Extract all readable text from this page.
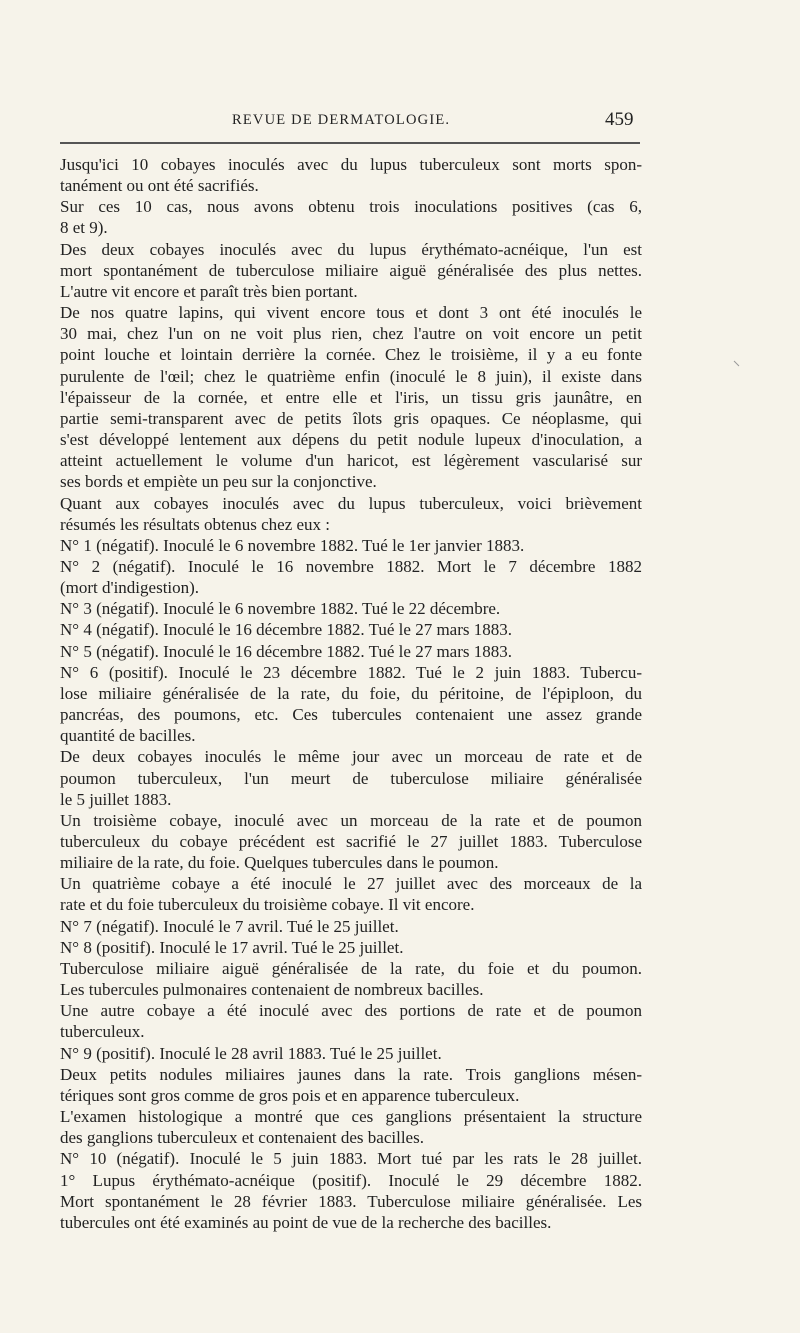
REVUE DE DERMATOLOGIE.	459
Jusqu'ici 10 cobayes inoculés avec du lupus tuberculeux sont morts spon-
tanément ou ont été sacrifiés.
Sur ces 10 cas, nous avons obtenu trois inoculations positives (cas 6,
8 et 9).
Des deux cobayes inoculés avec du lupus érythémato-acnéique, l'un est
mort spontanément de tuberculose miliaire aiguë généralisée des plus nettes.
L'autre vit encore et paraît très bien portant.
De nos quatre lapins, qui vivent encore tous et dont 3 ont été inoculés le
30 mai, chez l'un on ne voit plus rien, chez l'autre on voit encore un petit
point louche et lointain derrière la cornée. Chez le troisième, il y a eu fonte
purulente de l'œil; chez le quatrième enfin (inoculé le 8 juin), il existe dans
l'épaisseur de la cornée, et entre elle et l'iris, un tissu gris jaunâtre, en
partie semi-transparent avec de petits îlots gris opaques. Ce néoplasme, qui
s'est développé lentement aux dépens du petit nodule lupeux d'inoculation, a
atteint actuellement le volume d'un haricot, est légèrement vascularisé sur
ses bords et empiète un peu sur la conjonctive.
Quant aux cobayes inoculés avec du lupus tuberculeux, voici brièvement
résumés les résultats obtenus chez eux :
N° 1 (négatif). Inoculé le 6 novembre 1882. Tué le 1er janvier 1883.
N° 2 (négatif). Inoculé le 16 novembre 1882. Mort le 7 décembre 1882
(mort d'indigestion).
N° 3 (négatif). Inoculé le 6 novembre 1882. Tué le 22 décembre.
N° 4 (négatif). Inoculé le 16 décembre 1882. Tué le 27 mars 1883.
N° 5 (négatif). Inoculé le 16 décembre 1882. Tué le 27 mars 1883.
N° 6 (positif). Inoculé le 23 décembre 1882. Tué le 2 juin 1883. Tubercu-
lose miliaire généralisée de la rate, du foie, du péritoine, de l'épiploon, du
pancréas, des poumons, etc. Ces tubercules contenaient une assez grande
quantité de bacilles.
De deux cobayes inoculés le même jour avec un morceau de rate et de
poumon tuberculeux, l'un meurt de tuberculose miliaire généralisée
le 5 juillet 1883.
Un troisième cobaye, inoculé avec un morceau de la rate et de poumon
tuberculeux du cobaye précédent est sacrifié le 27 juillet 1883. Tuberculose
miliaire de la rate, du foie. Quelques tubercules dans le poumon.
Un quatrième cobaye a été inoculé le 27 juillet avec des morceaux de la
rate et du foie tuberculeux du troisième cobaye. Il vit encore.
N° 7 (négatif). Inoculé le 7 avril. Tué le 25 juillet.
N° 8 (positif). Inoculé le 17 avril. Tué le 25 juillet.
Tuberculose miliaire aiguë généralisée de la rate, du foie et du poumon.
Les tubercules pulmonaires contenaient de nombreux bacilles.
Une autre cobaye a été inoculé avec des portions de rate et de poumon
tuberculeux.
N° 9 (positif). Inoculé le 28 avril 1883. Tué le 25 juillet.
Deux petits nodules miliaires jaunes dans la rate. Trois ganglions mésen-
tériques sont gros comme de gros pois et en apparence tuberculeux.
L'examen histologique a montré que ces ganglions présentaient la structure
des ganglions tuberculeux et contenaient des bacilles.
N° 10 (négatif). Inoculé le 5 juin 1883. Mort tué par les rats le 28 juillet.
1° Lupus érythémato-acnéique (positif). Inoculé le 29 décembre 1882.
Mort spontanément le 28 février 1883. Tuberculose miliaire généralisée. Les
tubercules ont été examinés au point de vue de la recherche des bacilles.
